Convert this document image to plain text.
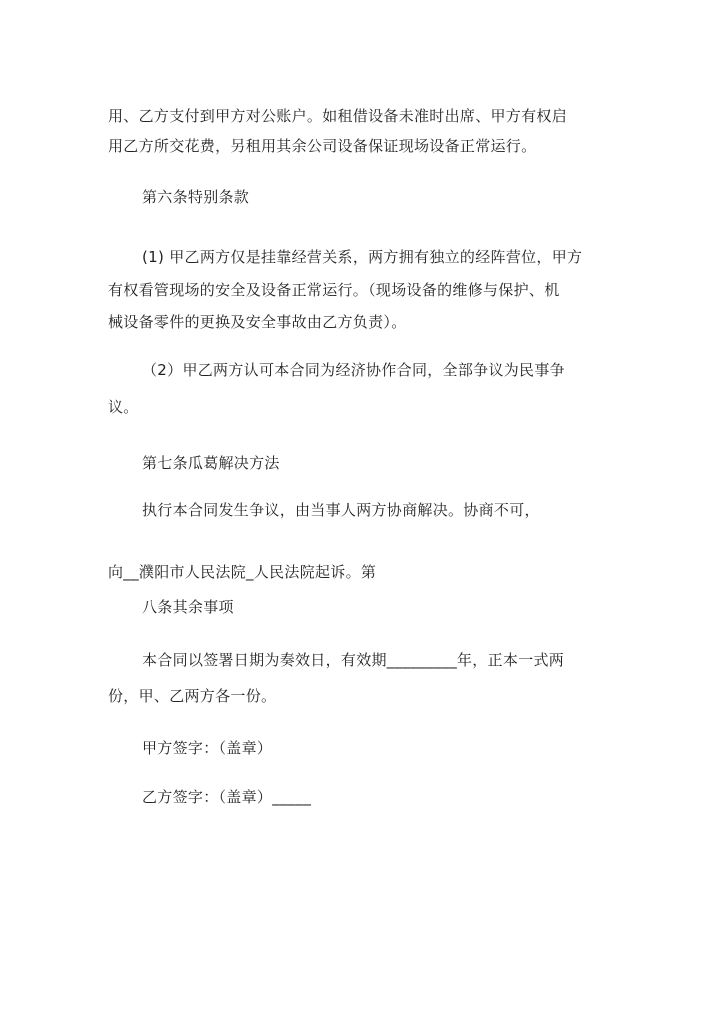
用、乙方支付到甲方对公账户。如租借设备未准时出席、甲方有权启
用乙方所交花费，另租用其余公司设备保证现场设备正常运行。
第六条特别条款
(1) 甲乙两方仅是挂靠经营关系，两方拥有独立的经阵营位，甲方
有权看管现场的安全及设备正常运行。（现场设备的维修与保护、机
械设备零件的更换及安全事故由乙方负责）。
（2）甲乙两方认可本合同为经济协作合同，全部争议为民事争
议。
第七条瓜葛解决方法
执行本合同发生争议，由当事人两方协商解决。协商不可，
向__濮阳市人民法院_人民法院起诉。第
八条其余事项
本合同以签署日期为奏效日，有效期_________年，正本一式两
份，甲、乙两方各一份。
甲方签字：（盖章）
乙方签字：（盖章）_____
